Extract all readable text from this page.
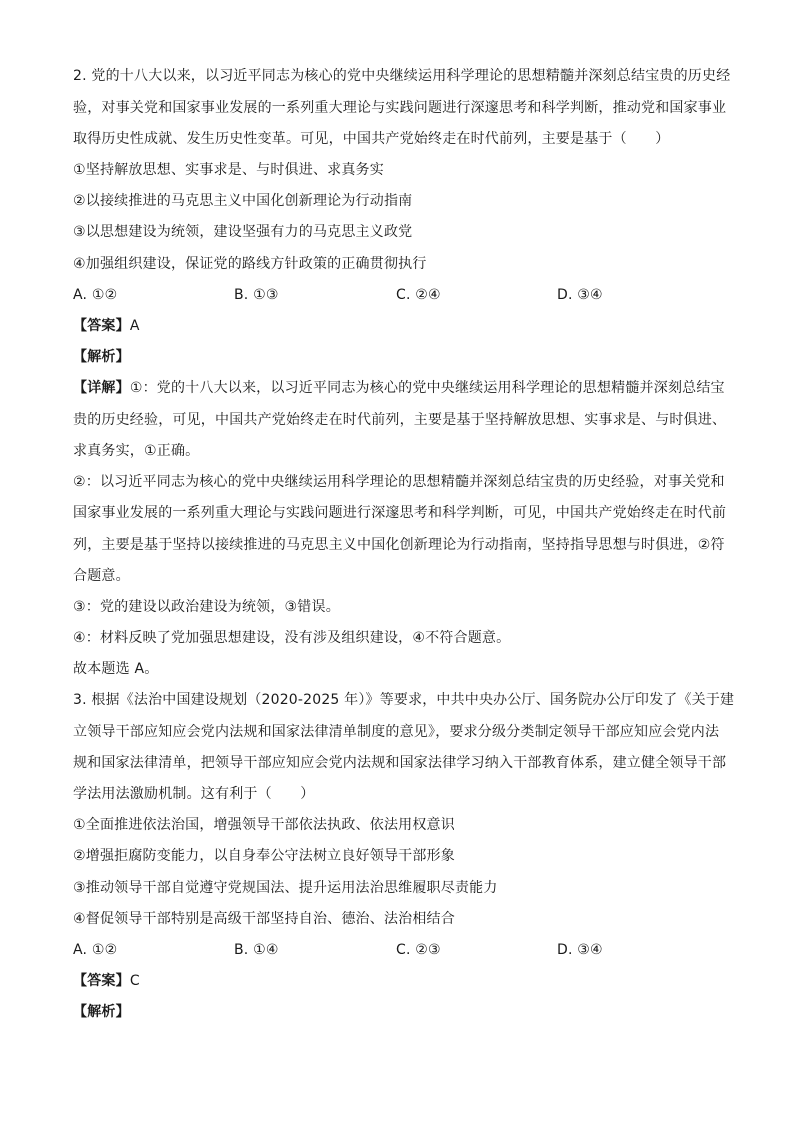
2. 党的十八大以来，以习近平同志为核心的党中央继续运用科学理论的思想精髓并深刻总结宝贵的历史经
验，对事关党和国家事业发展的一系列重大理论与实践问题进行深邃思考和科学判断，推动党和国家事业
取得历史性成就、发生历史性变革。可见，中国共产党始终走在时代前列，主要是基于（　　）
①坚持解放思想、实事求是、与时俱进、求真务实
②以接续推进的马克思主义中国化创新理论为行动指南
③以思想建设为统领，建设坚强有力的马克思主义政党
④加强组织建设，保证党的路线方针政策的正确贯彻执行
A. ①②	B. ①③	C. ②④	D. ③④
【答案】A
【解析】
【详解】①：党的十八大以来，以习近平同志为核心的党中央继续运用科学理论的思想精髓并深刻总结宝
贵的历史经验，可见，中国共产党始终走在时代前列，主要是基于坚持解放思想、实事求是、与时俱进、
求真务实，①正确。
②：以习近平同志为核心的党中央继续运用科学理论的思想精髓并深刻总结宝贵的历史经验，对事关党和
国家事业发展的一系列重大理论与实践问题进行深邃思考和科学判断，可见，中国共产党始终走在时代前
列，主要是基于坚持以接续推进的马克思主义中国化创新理论为行动指南，坚持指导思想与时俱进，②符
合题意。
③：党的建设以政治建设为统领，③错误。
④：材料反映了党加强思想建设，没有涉及组织建设，④不符合题意。
故本题选 A。
3. 根据《法治中国建设规划（2020-2025 年）》等要求，中共中央办公厅、国务院办公厅印发了《关于建
立领导干部应知应会党内法规和国家法律清单制度的意见》，要求分级分类制定领导干部应知应会党内法
规和国家法律清单，把领导干部应知应会党内法规和国家法律学习纳入干部教育体系，建立健全领导干部
学法用法激励机制。这有利于（　　）
①全面推进依法治国，增强领导干部依法执政、依法用权意识
②增强拒腐防变能力，以自身奉公守法树立良好领导干部形象
③推动领导干部自觉遵守党规国法、提升运用法治思维履职尽责能力
④督促领导干部特别是高级干部坚持自治、德治、法治相结合
A. ①②	B. ①④	C. ②③	D. ③④
【答案】C
【解析】
